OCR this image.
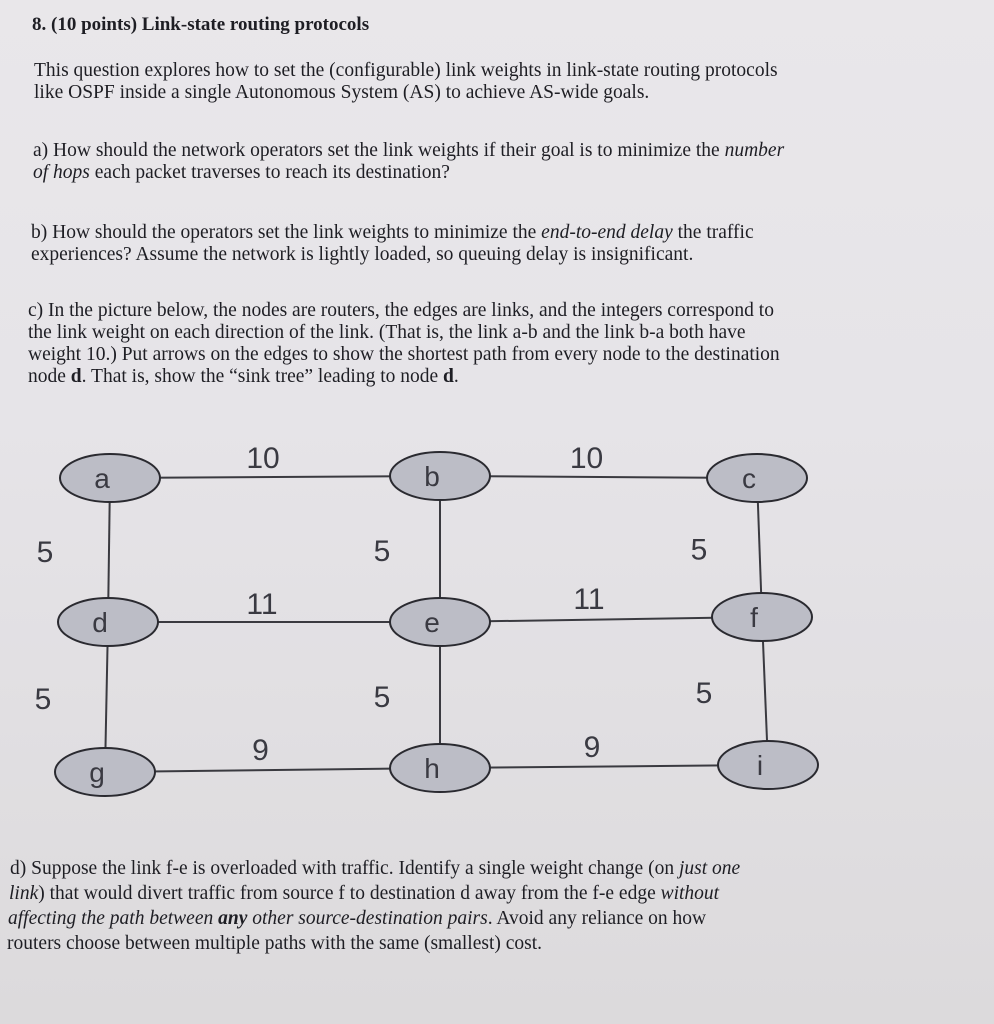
8. (10 points) Link-state routing protocols

This question explores how to set the (configurable) link weights in link-state routing protocols

like OSPF inside a single Autonomous System (AS) to achieve AS-wide goals.

a) How should the network operators set the link weights if their goal is to minimize the number

of hops each packet traverses to reach its destination?

b) How should the operators set the link weights to minimize the end-to-end delay the traffic

experiences? Assume the network is lightly loaded, so queuing delay is insignificant.

c) In the picture below, the nodes are routers, the edges are links, and the integers correspond to

the link weight on each direction of the link. (That is, the link a-b and the link b-a both have

weight 10.) Put arrows on the edges to show the shortest path from every node to the destination

node d. That is, show the “sink tree” leading to node d.

10	10
11	11
9	9
5
5
5
5
5
5
a	b	c
d	e	f
g	h	i

d) Suppose the link f-e is overloaded with traffic. Identify a single weight change (on just one

link) that would divert traffic from source f to destination d away from the f-e edge without

affecting the path between any other source-destination pairs. Avoid any reliance on how

routers choose between multiple paths with the same (smallest) cost.
